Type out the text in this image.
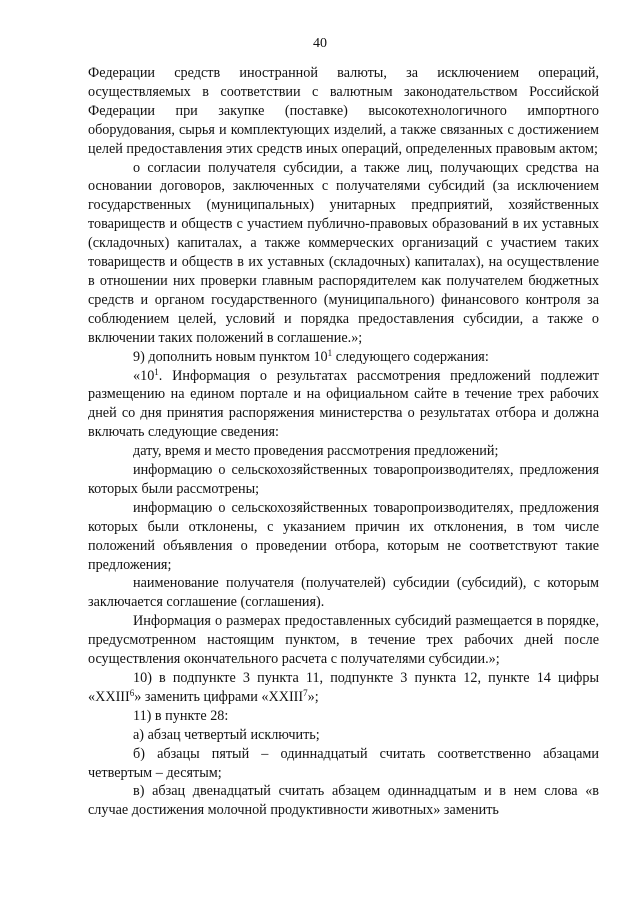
40

Федерации средств иностранной валюты, за исключением операций, осуществляемых в соответствии с валютным законодательством Российской Федерации при закупке (поставке) высокотехнологичного импортного оборудования, сырья и комплектующих изделий, а также связанных с достижением целей предоставления этих средств иных операций, определенных правовым актом;

о согласии получателя субсидии, а также лиц, получающих средства на основании договоров, заключенных с получателями субсидий (за исключением государственных (муниципальных) унитарных предприятий, хозяйственных товариществ и обществ с участием публично-правовых образований в их уставных (складочных) капиталах, а также коммерческих организаций с участием таких товариществ и обществ в их уставных (складочных) капиталах), на осуществление в отношении них проверки главным распорядителем как получателем бюджетных средств и органом государственного (муниципального) финансового контроля за соблюдением целей, условий и порядка предоставления субсидии, а также о включении таких положений в соглашение.»;

9) дополнить новым пунктом $10^1$ следующего содержания:

«$10^1$. Информация о результатах рассмотрения предложений подлежит размещению на едином портале и на официальном сайте в течение трех рабочих дней со дня принятия распоряжения министерства о результатах отбора и должна включать следующие сведения:

дату, время и место проведения рассмотрения предложений;

информацию о сельскохозяйственных товаропроизводителях, предложения которых были рассмотрены;

информацию о сельскохозяйственных товаропроизводителях, предложения которых были отклонены, с указанием причин их отклонения, в том числе положений объявления о проведении отбора, которым не соответствуют такие предложения;

наименование получателя (получателей) субсидии (субсидий), с которым заключается соглашение (соглашения).

Информация о размерах предоставленных субсидий размещается в порядке, предусмотренном настоящим пунктом, в течение трех рабочих дней после осуществления окончательного расчета с получателями субсидии.»;

10) в подпункте 3 пункта 11, подпункте 3 пункта 12, пункте 14 цифры «XXIII$^6$» заменить цифрами «XXIII$^7$»;

11) в пункте 28:

а) абзац четвертый исключить;

б) абзацы пятый – одиннадцатый считать соответственно абзацами четвертым – десятым;

в) абзац двенадцатый считать абзацем одиннадцатым и в нем слова «в случае достижения молочной продуктивности животных» заменить
